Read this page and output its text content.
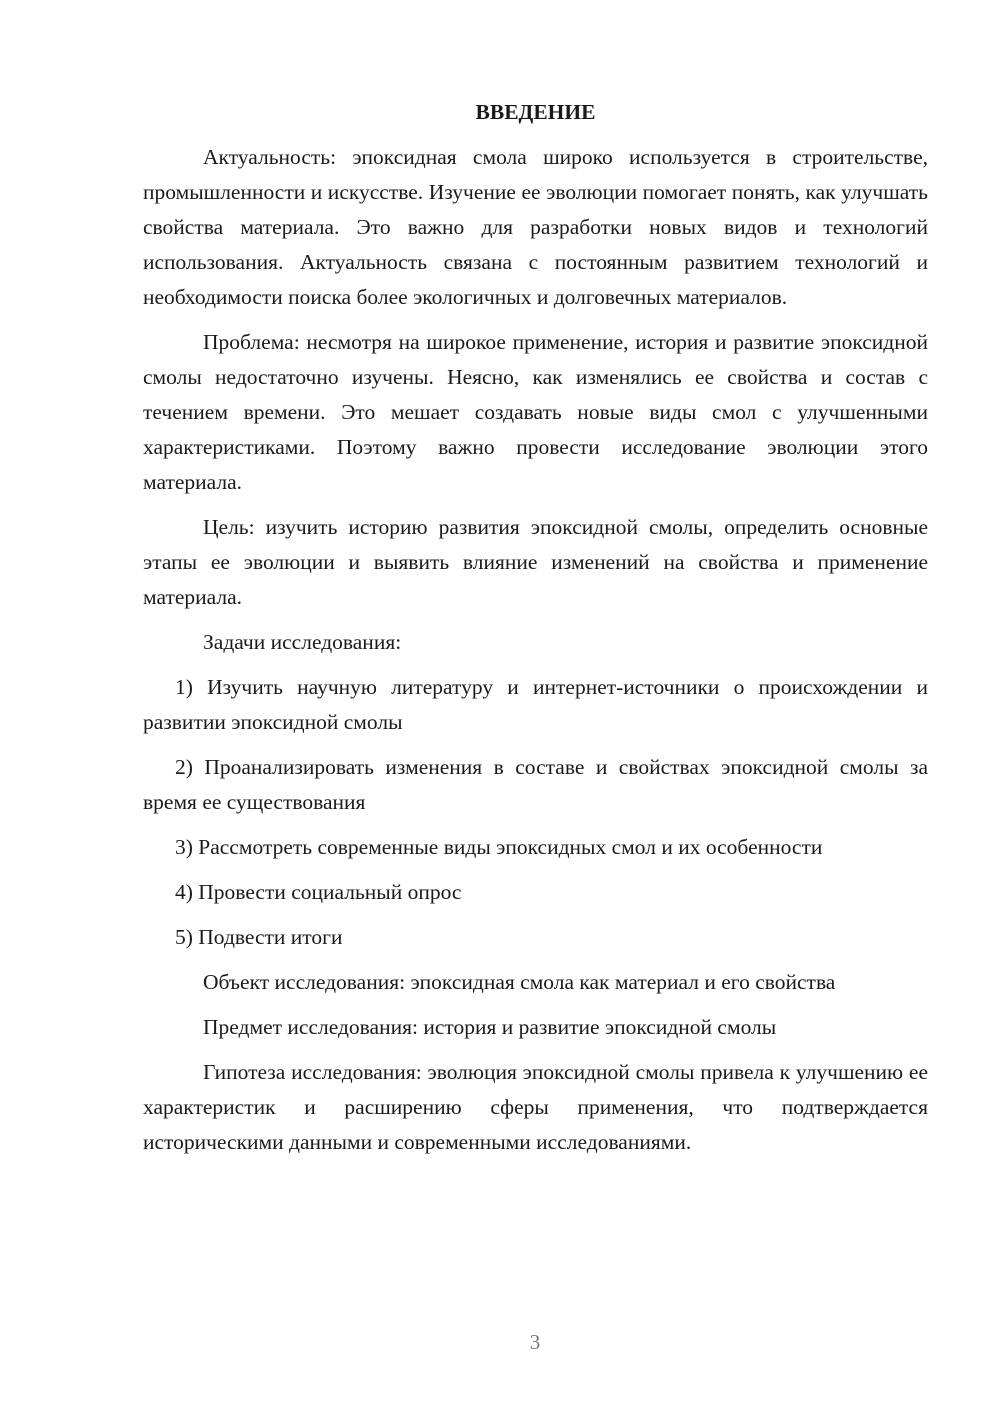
ВВЕДЕНИЕ
Актуальность: эпоксидная смола широко используется в строительстве, промышленности и искусстве. Изучение ее эволюции помогает понять, как улучшать свойства материала. Это важно для разработки новых видов и технологий использования. Актуальность связана с постоянным развитием технологий и необходимости поиска более экологичных и долговечных материалов.
Проблема: несмотря на широкое применение, история и развитие эпоксидной смолы недостаточно изучены. Неясно, как изменялись ее свойства и состав с течением времени. Это мешает создавать новые виды смол с улучшенными характеристиками. Поэтому важно провести исследование эволюции этого материала.
Цель: изучить историю развития эпоксидной смолы, определить основные этапы ее эволюции и выявить влияние изменений на свойства и применение материала.
Задачи исследования:
1) Изучить научную литературу и интернет-источники о происхождении и развитии эпоксидной смолы
2) Проанализировать изменения в составе и свойствах эпоксидной смолы за время ее существования
3) Рассмотреть современные виды эпоксидных смол и их особенности
4) Провести социальный опрос
5) Подвести итоги
Объект исследования: эпоксидная смола как материал и его свойства
Предмет исследования: история и развитие эпоксидной смолы
Гипотеза исследования: эволюция эпоксидной смолы привела к улучшению ее характеристик и расширению сферы применения, что подтверждается историческими данными и современными исследованиями.
3
